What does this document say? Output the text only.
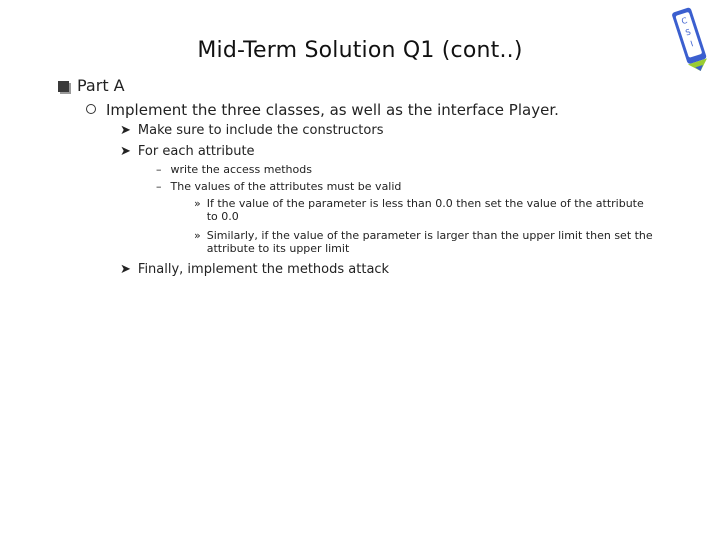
C
S
I
Mid-Term Solution Q1 (cont..)
Part A
Implement the three classes, as well as the interface Player.
➤ Make sure to include the constructors
➤ For each attribute
– write the access methods
– The values of the attributes must be valid
» If the value of the parameter is less than 0.0 then set the value of the attribute to 0.0
» Similarly, if the value of the parameter is larger than the upper limit then set the attribute to its upper limit
➤ Finally, implement the methods attack
